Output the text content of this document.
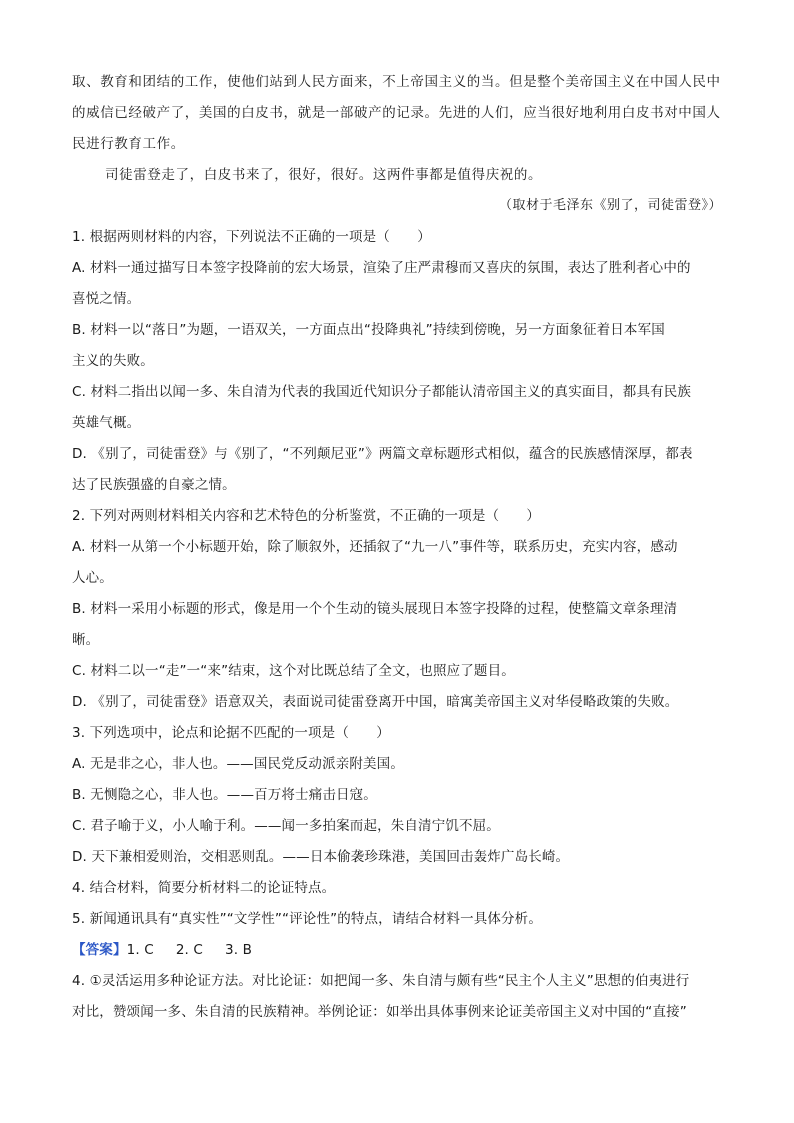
取、教育和团结的工作，使他们站到人民方面来，不上帝国主义的当。但是整个美帝国主义在中国人民中
的威信已经破产了，美国的白皮书，就是一部破产的记录。先进的人们，应当很好地利用白皮书对中国人
民进行教育工作。
司徒雷登走了，白皮书来了，很好，很好。这两件事都是值得庆祝的。
（取材于毛泽东《别了，司徒雷登》）
1. 根据两则材料的内容，下列说法不正确的一项是（　　）
A. 材料一通过描写日本签字投降前的宏大场景，渲染了庄严肃穆而又喜庆的氛围，表达了胜利者心中的
喜悦之情。
B. 材料一以“落日”为题，一语双关，一方面点出“投降典礼”持续到傍晚，另一方面象征着日本军国
主义的失败。
C. 材料二指出以闻一多、朱自清为代表的我国近代知识分子都能认清帝国主义的真实面目，都具有民族
英雄气概。
D. 《别了，司徒雷登》与《别了，“不列颠尼亚”》两篇文章标题形式相似，蕴含的民族感情深厚，都表
达了民族强盛的自豪之情。
2. 下列对两则材料相关内容和艺术特色的分析鉴赏，不正确的一项是（　　）
A. 材料一从第一个小标题开始，除了顺叙外，还插叙了“九一八”事件等，联系历史，充实内容，感动
人心。
B. 材料一采用小标题的形式，像是用一个个生动的镜头展现日本签字投降的过程，使整篇文章条理清
晰。
C. 材料二以一“走”一“来”结束，这个对比既总结了全文，也照应了题目。
D. 《别了，司徒雷登》语意双关，表面说司徒雷登离开中国，暗寓美帝国主义对华侵略政策的失败。
3. 下列选项中，论点和论据不匹配的一项是（　　）
A. 无是非之心，非人也。——国民党反动派亲附美国。
B. 无恻隐之心，非人也。——百万将士痛击日寇。
C. 君子喻于义，小人喻于利。——闻一多拍案而起，朱自清宁饥不屈。
D. 天下兼相爱则治，交相恶则乱。——日本偷袭珍珠港，美国回击轰炸广岛长崎。
4. 结合材料，简要分析材料二的论证特点。
5. 新闻通讯具有“真实性”“文学性”“评论性”的特点，请结合材料一具体分析。
【答案】1. C 2. C 3. B
4. ①灵活运用多种论证方法。对比论证：如把闻一多、朱自清与颇有些“民主个人主义”思想的伯夷进行
对比，赞颂闻一多、朱自清的民族精神。举例论证：如举出具体事例来论证美帝国主义对中国的“直接”
